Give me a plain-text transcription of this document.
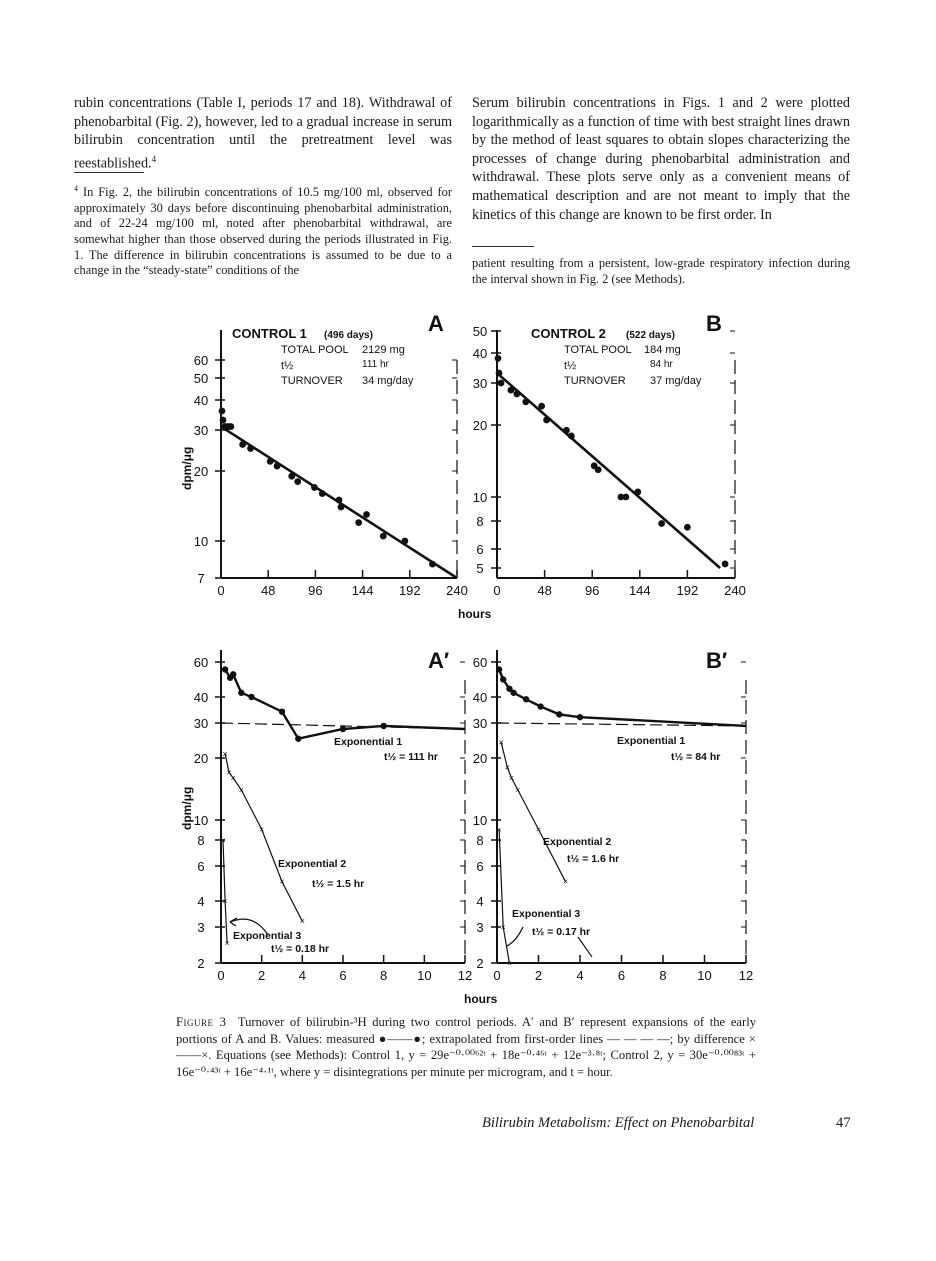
rubin concentrations (Table I, periods 17 and 18). Withdrawal of phenobarbital (Fig. 2), however, led to a gradual increase in serum bilirubin concentration until the pretreatment level was reestablished.$^4$

$^4$ In Fig. 2, the bilirubin concentrations of 10.5 mg/100 ml, observed for approximately 30 days before discontinuing phenobarbital administration, and of 22-24 mg/100 ml, noted after phenobarbital withdrawal, are somewhat higher than those observed during the periods illustrated in Fig. 1. The difference in bilirubin concentrations is assumed to be due to a change in the “steady-state” conditions of the

Serum bilirubin concentrations in Figs. 1 and 2 were plotted logarithmically as a function of time with best straight lines drawn by the method of least squares to obtain slopes characterizing the processes of change during phenobarbital administration and withdrawal. These plots serve only as a convenient means of mathematical description and are not meant to imply that the kinetics of this change are known to be first order. In

patient resulting from a persistent, low-grade respiratory infection during the interval shown in Fig. 2 (see Methods).

7
10
20
30
40
50
60
0	48	96 144 192 240
5
6
8
10
20
30
40
50
0	48	96 144 192 240
2
3
4
6
8
10
20
30
40
60
0	2	4	6	8 10 12
2
3
4
6
8
10
20
30
40
60
0	2	4	6	8 10 12
×
×
×
×
×
×
×
×
×
×
×
×
×
×
×
×
×
×
×
A
CONTROL 1 (496 days)
TOTAL POOL 2129 mg
t½	111 hr
TURNOVER 34 mg/day
B
CONTROL 2 (522 days)
TOTAL POOL 184 mg
t½	84 hr
TURNOVER 37 mg/day
dpm/μg
dpm/μg
hours
hours
A′
Exponential 1
t½ = 111 hr
Exponential 2
t½ = 1.5 hr
Exponential 3
t½ = 0.18 hr
B′
Exponential 1
t½ = 84 hr
Exponential 2
t½ = 1.6 hr
Exponential 3
t½ = 0.17 hr

Figure 3 Turnover of bilirubin-³H during two control periods. A′ and B′ represent expansions of the early portions of A and B. Values: measured ●——●; extrapolated from first-order lines — — — —; by difference ×——×. Equations (see Methods): Control 1, y = 29e⁻⁰·⁰⁰⁶²ᵗ + 18e⁻⁰·⁴⁶ᵗ + 12e⁻³·⁸ᵗ; Control 2, y = 30e⁻⁰·⁰⁰⁸³ᵗ + 16e⁻⁰·⁴³ᵗ + 16e⁻⁴·¹ᵗ, where y = disintegrations per minute per microgram, and t = hour.

Bilirubin Metabolism: Effect on Phenobarbital	47
